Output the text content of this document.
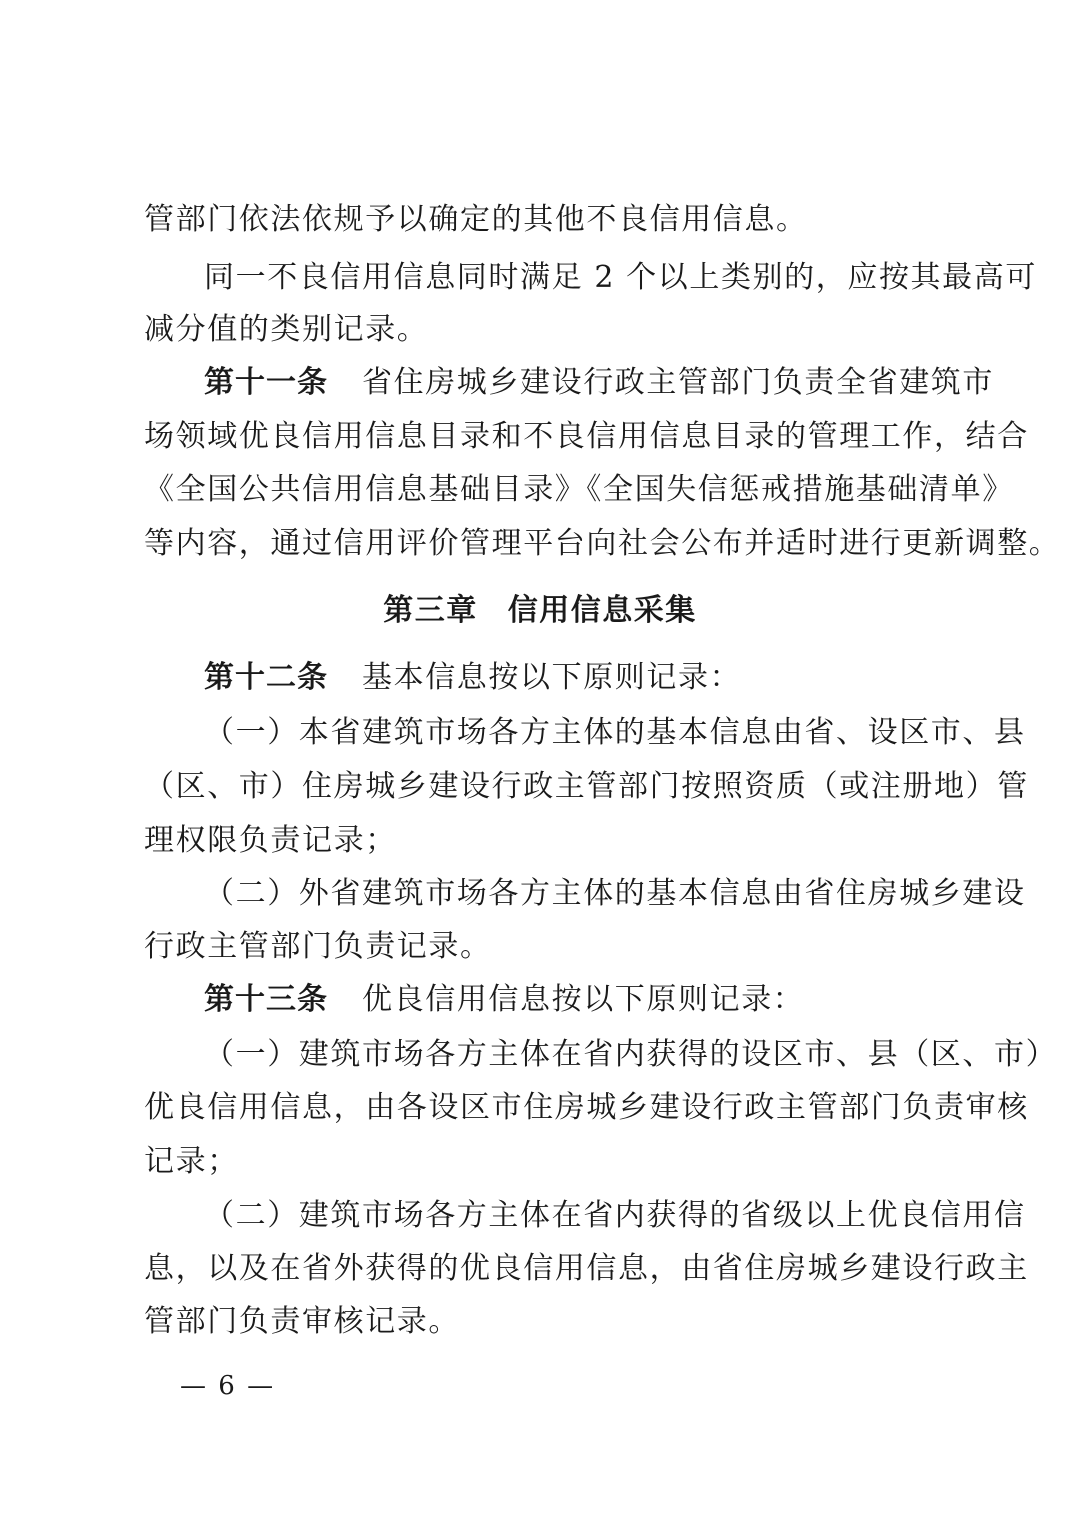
管部门依法依规予以确定的其他不良信用信息。
同一不良信用信息同时满足 2 个以上类别的，应按其最高可
减分值的类别记录。
第十一条 省住房城乡建设行政主管部门负责全省建筑市
场领域优良信用信息目录和不良信用信息目录的管理工作，结合
《全国公共信用信息基础目录》《全国失信惩戒措施基础清单》
等内容，通过信用评价管理平台向社会公布并适时进行更新调整。
第三章 信用信息采集
第十二条 基本信息按以下原则记录：
（一）本省建筑市场各方主体的基本信息由省、设区市、县
（区、市）住房城乡建设行政主管部门按照资质（或注册地）管
理权限负责记录；
（二）外省建筑市场各方主体的基本信息由省住房城乡建设
行政主管部门负责记录。
第十三条 优良信用信息按以下原则记录：
（一）建筑市场各方主体在省内获得的设区市、县（区、市）
优良信用信息，由各设区市住房城乡建设行政主管部门负责审核
记录；
（二）建筑市场各方主体在省内获得的省级以上优良信用信
息，以及在省外获得的优良信用信息，由省住房城乡建设行政主
管部门负责审核记录。
— 6 —
